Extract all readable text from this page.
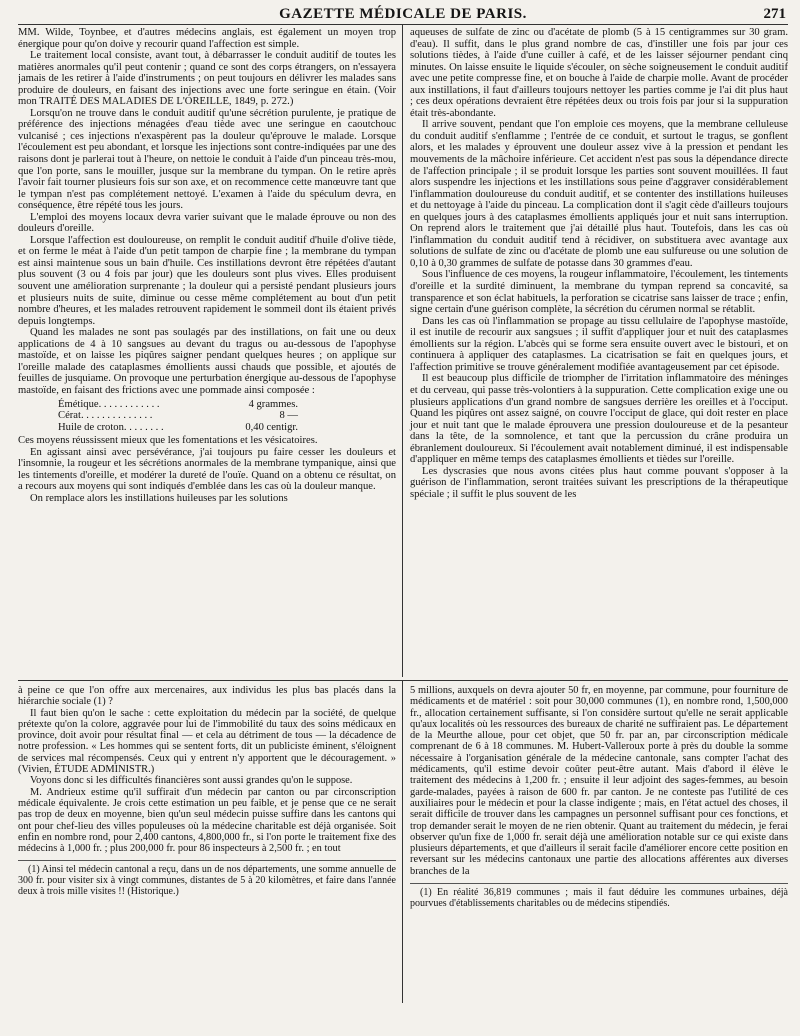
GAZETTE MÉDICALE DE PARIS.	271

MM. Wilde, Toynbee, et d'autres médecins anglais, est également un moyen trop énergique pour qu'on doive y recourir quand l'affection est simple.

Le traitement local consiste, avant tout, à débarrasser le conduit auditif de toutes les matières anormales qu'il peut contenir ; quand ce sont des corps étrangers, on n'essayera jamais de les retirer à l'aide d'instruments ; on peut toujours en délivrer les malades sans produire de douleurs, en faisant des injections avec une forte seringue en étain. (Voir mon TRAITÉ DES MALADIES DE L'OREILLE, 1849, p. 272.)

Lorsqu'on ne trouve dans le conduit auditif qu'une sécrétion purulente, je pratique de préférence des injections ménagées d'eau tiède avec une seringue en caoutchouc vulcanisé ; ces injections n'exaspèrent pas la douleur qu'éprouve le malade. Lorsque l'écoulement est peu abondant, et lorsque les injections sont contre-indiquées par une des raisons dont je parlerai tout à l'heure, on nettoie le conduit à l'aide d'un pinceau très-mou, que l'on porte, sans le mouiller, jusque sur la membrane du tympan. On le retire après l'avoir fait tourner plusieurs fois sur son axe, et on recommence cette manœuvre tant que le tympan n'est pas complétement nettoyé. L'examen à l'aide du spéculum devra, en conséquence, être répété tous les jours.

L'emploi des moyens locaux devra varier suivant que le malade éprouve ou non des douleurs d'oreille.

Lorsque l'affection est douloureuse, on remplit le conduit auditif d'huile d'olive tiède, et on ferme le méat à l'aide d'un petit tampon de charpie fine ; la membrane du tympan est ainsi maintenue sous un bain d'huile. Ces instillations devront être répétées d'autant plus souvent (3 ou 4 fois par jour) que les douleurs sont plus vives. Elles produisent souvent une amélioration surprenante ; la douleur qui a persisté pendant plusieurs jours et plusieurs nuits de suite, diminue ou cesse même complétement au bout d'un petit nombre d'heures, et les malades retrouvent rapidement le sommeil dont ils étaient privés depuis longtemps.

Quand les malades ne sont pas soulagés par des instillations, on fait une ou deux applications de 4 à 10 sangsues au devant du tragus ou au-dessous de l'apophyse mastoïde, et on laisse les piqûres saigner pendant quelques heures ; on applique sur l'oreille malade des cataplasmes émollients aussi chauds que possible, et ajoutés de feuilles de jusquiame. On provoque une perturbation énergique au-dessous de l'apophyse mastoïde, en faisant des frictions avec une pommade ainsi composée :

Émétique. . . . . . . . . . . .	4 grammes.
Cérat. . . . . . . . . . . . . .	8 —
Huile de croton. . . . . . . .	0,40 centigr.

Ces moyens réussissent mieux que les fomentations et les vésicatoires.

En agissant ainsi avec persévérance, j'ai toujours pu faire cesser les douleurs et l'insomnie, la rougeur et les sécrétions anormales de la membrane tympanique, ainsi que les tintements d'oreille, et modérer la dureté de l'ouïe. Quand on a obtenu ce résultat, on a recours aux moyens qui sont indiqués d'emblée dans les cas où la douleur manque.

On remplace alors les instillations huileuses par les solutions

aqueuses de sulfate de zinc ou d'acétate de plomb (5 à 15 centigrammes sur 30 gram. d'eau). Il suffit, dans le plus grand nombre de cas, d'instiller une fois par jour ces solutions tièdes, à l'aide d'une cuiller à café, et de les laisser séjourner pendant cinq minutes. On laisse ensuite le liquide s'écouler, on sèche soigneusement le conduit auditif avec une petite compresse fine, et on bouche à l'aide de charpie molle. Avant de procéder aux instillations, il faut d'ailleurs toujours nettoyer les parties comme je l'ai dit plus haut ; ces deux opérations devraient être répétées deux ou trois fois par jour si la suppuration était très-abondante.

Il arrive souvent, pendant que l'on emploie ces moyens, que la membrane celluleuse du conduit auditif s'enflamme ; l'entrée de ce conduit, et surtout le tragus, se gonflent alors, et les malades y éprouvent une douleur assez vive à la pression et pendant les mouvements de la mâchoire inférieure. Cet accident n'est pas sous la dépendance directe de l'affection principale ; il se produit lorsque les parties sont souvent mouillées. Il faut alors suspendre les injections et les instillations sous peine d'aggraver considérablement l'inflammation douloureuse du conduit auditif, et se contenter des instillations huileuses et du nettoyage à l'aide du pinceau. La complication dont il s'agit cède d'ailleurs toujours en quelques jours à des cataplasmes émollients appliqués jour et nuit sans interruption. On reprend alors le traitement que j'ai détaillé plus haut. Toutefois, dans les cas où l'inflammation du conduit auditif tend à récidiver, on substituera avec avantage aux solutions de sulfate de zinc ou d'acétate de plomb une eau sulfureuse ou une solution de 0,10 à 0,30 grammes de sulfate de potasse dans 30 grammes d'eau.

Sous l'influence de ces moyens, la rougeur inflammatoire, l'écoulement, les tintements d'oreille et la surdité diminuent, la membrane du tympan reprend sa concavité, sa transparence et son éclat habituels, la perforation se cicatrise sans laisser de trace ; enfin, signe certain d'une guérison complète, la sécrétion du cérumen normal se rétablit.

Dans les cas où l'inflammation se propage au tissu cellulaire de l'apophyse mastoïde, il est inutile de recourir aux sangsues ; il suffit d'appliquer jour et nuit des cataplasmes émollients sur la région. L'abcès qui se forme sera ensuite ouvert avec le bistouri, et on continuera à appliquer des cataplasmes. La cicatrisation se fait en quelques jours, et l'affection primitive se trouve généralement modifiée avantageusement par cet épisode.

Il est beaucoup plus difficile de triompher de l'irritation inflammatoire des méninges et du cerveau, qui passe très-volontiers à la suppuration. Cette complication exige une ou plusieurs applications d'un grand nombre de sangsues derrière les oreilles et à l'occiput. Quand les piqûres ont assez saigné, on couvre l'occiput de glace, qui doit rester en place jour et nuit tant que le malade éprouvera une pression douloureuse et de la pesanteur dans la tête, de la somnolence, et tant que la percussion du crâne produira un ébranlement douloureux. Si l'écoulement avait notablement diminué, il est indispensable d'appliquer en même temps des cataplasmes émollients et tièdes sur l'oreille.

Les dyscrasies que nous avons citées plus haut comme pouvant s'opposer à la guérison de l'inflammation, seront traitées suivant les prescriptions de la thérapeutique spéciale ; il suffit le plus souvent de les

à peine ce que l'on offre aux mercenaires, aux individus les plus bas placés dans la hiérarchie sociale (1) ?

Il faut bien qu'on le sache : cette exploitation du médecin par la société, de quelque prétexte qu'on la colore, aggravée pour lui de l'immobilité du taux des soins médicaux en province, doit avoir pour résultat final — et cela au détriment de tous — la décadence de notre profession. « Les hommes qui se sentent forts, dit un publiciste éminent, s'éloignent de services mal récompensés. Ceux qui y entrent n'y apportent que le découragement. » (Vivien, ÉTUDE ADMINISTR.)

Voyons donc si les difficultés financières sont aussi grandes qu'on le suppose.

M. Andrieux estime qu'il suffirait d'un médecin par canton ou par circonscription médicale équivalente. Je crois cette estimation un peu faible, et je pense que ce ne serait pas trop de deux en moyenne, bien qu'un seul médecin puisse suffire dans les cantons qui ont pour chef-lieu des villes populeuses où la médecine charitable est déjà organisée. Soit enfin en nombre rond, pour 2,400 cantons, 4,800,000 fr., si l'on porte le traitement fixe des médecins à 1,000 fr. ; plus 200,000 fr. pour 86 inspecteurs à 2,500 fr. ; en tout

(1) Ainsi tel médecin cantonal a reçu, dans un de nos départements, une somme annuelle de 300 fr. pour visiter six à vingt communes, distantes de 5 à 20 kilomètres, et faire dans l'année deux à trois mille visites !! (Historique.)

5 millions, auxquels on devra ajouter 50 fr, en moyenne, par commune, pour fourniture de médicaments et de matériel : soit pour 30,000 communes (1), en nombre rond, 1,500,000 fr., allocation certainement suffisante, si l'on considère surtout qu'elle ne serait applicable qu'aux localités où les ressources des bureaux de charité ne suffiraient pas. Le département de la Meurthe alloue, pour cet objet, que 50 fr. par an, par circonscription médicale comprenant de 6 à 18 communes. M. Hubert-Valleroux porte à près du double la somme nécessaire à l'organisation générale de la médecine cantonale, sans compter l'achat des médicaments, qu'il estime devoir coûter peut-être autant. Mais d'abord il élève le traitement des médecins à 1,200 fr. ; ensuite il leur adjoint des sages-femmes, au besoin garde-malades, payées à raison de 600 fr. par canton. Je ne conteste pas l'utilité de ces auxiliaires pour le médecin et pour la classe indigente ; mais, en l'état actuel des choses, il serait difficile de trouver dans les campagnes un personnel suffisant pour ces fonctions, et trop demander serait le moyen de ne rien obtenir. Quant au traitement du médecin, je ferai observer qu'un fixe de 1,000 fr. serait déjà une amélioration notable sur ce qui existe dans plusieurs départements, et que d'ailleurs il serait facile d'améliorer encore cette position en reversant sur les médecins cantonaux une partie des allocations afférentes aux diverses branches de la

(1) En réalité 36,819 communes ; mais il faut déduire les communes urbaines, déjà pourvues d'établissements charitables ou de médecins stipendiés.
